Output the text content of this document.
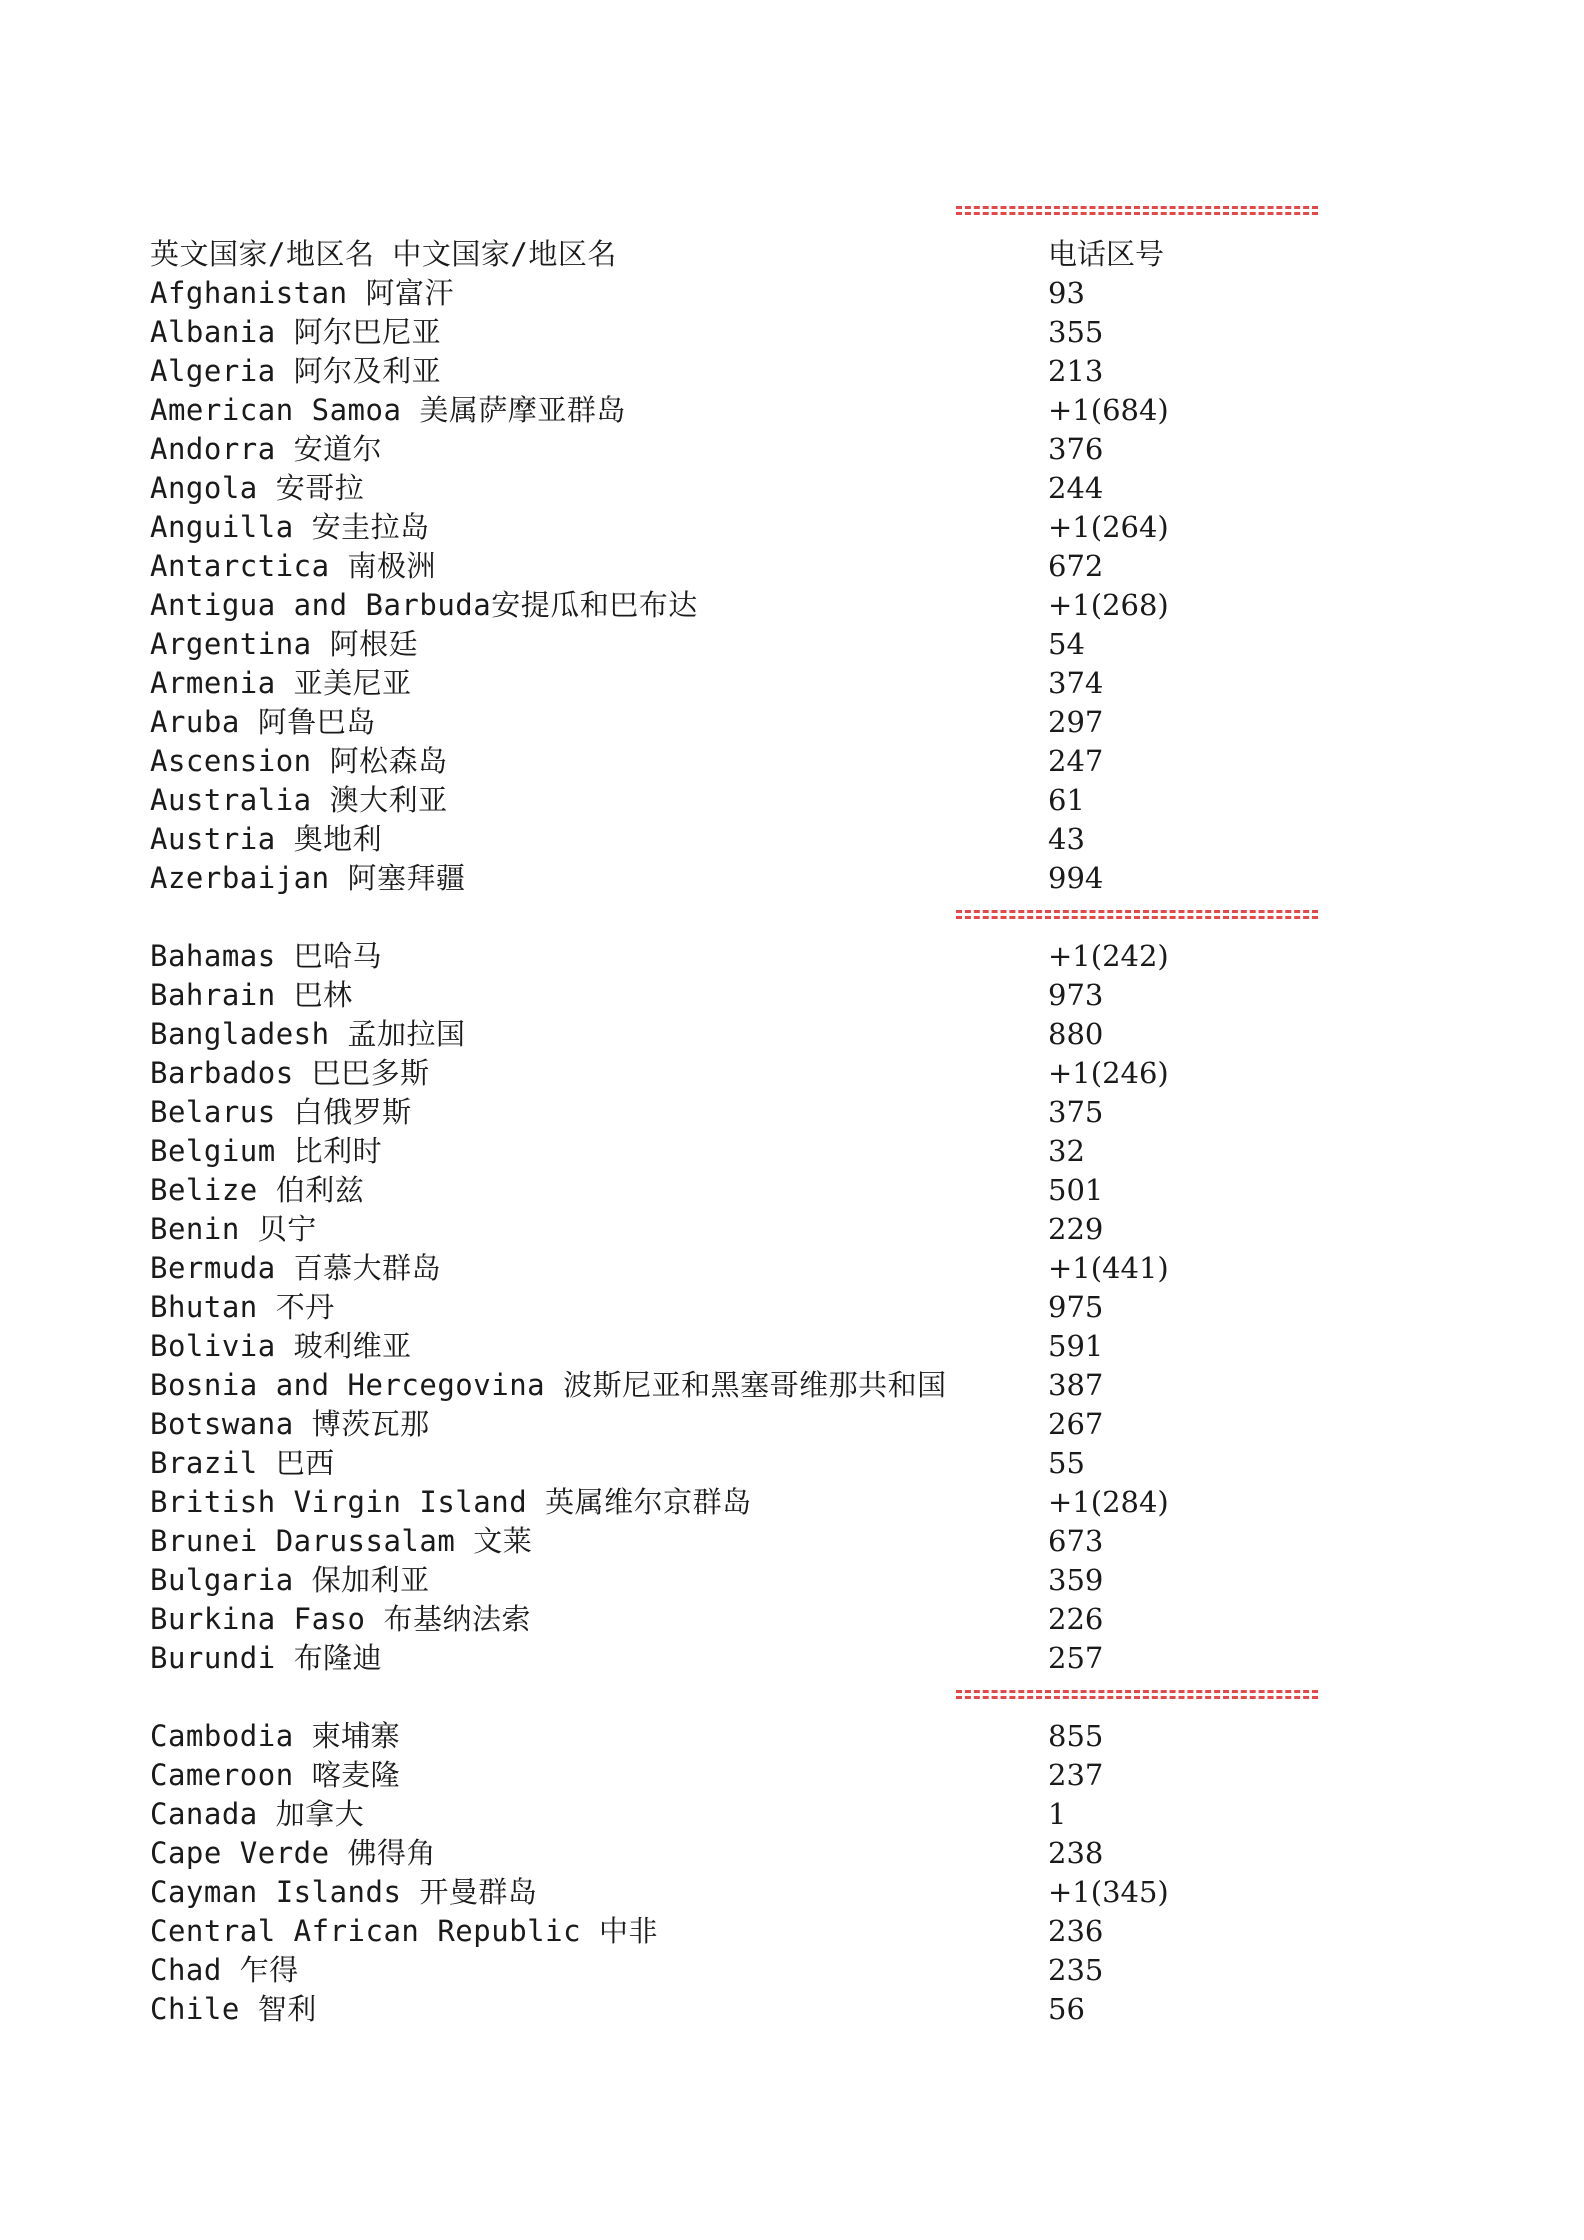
英文国家/地区名 中文国家/地区名	电话区号
Afghanistan 阿富汗	93
Albania 阿尔巴尼亚	355
Algeria 阿尔及利亚	213
American Samoa 美属萨摩亚群岛	+1(684)
Andorra 安道尔	376
Angola 安哥拉	244
Anguilla 安圭拉岛	+1(264)
Antarctica 南极洲	672
Antigua and Barbuda安提瓜和巴布达	+1(268)
Argentina 阿根廷	54
Armenia 亚美尼亚	374
Aruba 阿鲁巴岛	297
Ascension 阿松森岛	247
Australia 澳大利亚	61
Austria 奥地利	43
Azerbaijan 阿塞拜疆	994
Bahamas 巴哈马	+1(242)
Bahrain 巴林	973
Bangladesh 孟加拉国	880
Barbados 巴巴多斯	+1(246)
Belarus 白俄罗斯	375
Belgium 比利时	32
Belize 伯利兹	501
Benin 贝宁	229
Bermuda 百慕大群岛	+1(441)
Bhutan 不丹	975
Bolivia 玻利维亚	591
Bosnia and Hercegovina 波斯尼亚和黑塞哥维那共和国	387
Botswana 博茨瓦那	267
Brazil 巴西	55
British Virgin Island 英属维尔京群岛	+1(284)
Brunei Darussalam 文莱	673
Bulgaria 保加利亚	359
Burkina Faso 布基纳法索	226
Burundi 布隆迪	257
Cambodia 柬埔寨	855
Cameroon 喀麦隆	237
Canada 加拿大	1
Cape Verde 佛得角	238
Cayman Islands 开曼群岛	+1(345)
Central African Republic 中非	236
Chad 乍得	235
Chile 智利	56
